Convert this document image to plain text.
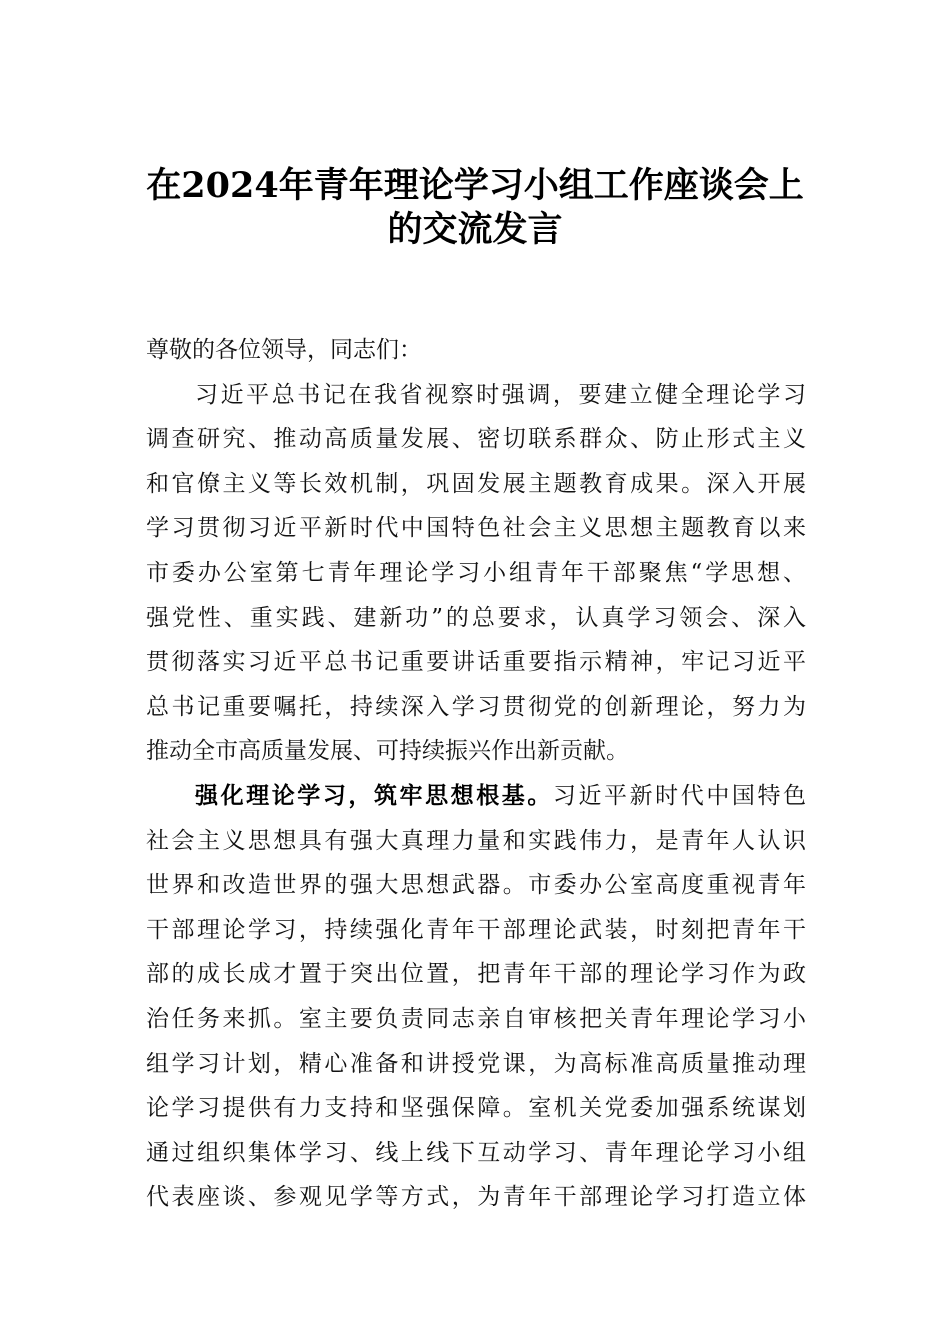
在2024年青年理论学习小组工作座谈会上
的交流发言
尊敬的各位领导，同志们：
习近平总书记在我省视察时强调，要建立健全理论学习
调查研究、推动高质量发展、密切联系群众、防止形式主义
和官僚主义等长效机制，巩固发展主题教育成果。深入开展
学习贯彻习近平新时代中国特色社会主义思想主题教育以来
市委办公室第七青年理论学习小组青年干部聚焦“学思想、
强党性、重实践、建新功”的总要求，认真学习领会、深入
贯彻落实习近平总书记重要讲话重要指示精神，牢记习近平
总书记重要嘱托，持续深入学习贯彻党的创新理论，努力为
推动全市高质量发展、可持续振兴作出新贡献。
强化理论学习，筑牢思想根基。习近平新时代中国特色
社会主义思想具有强大真理力量和实践伟力，是青年人认识
世界和改造世界的强大思想武器。市委办公室高度重视青年
干部理论学习，持续强化青年干部理论武装，时刻把青年干
部的成长成才置于突出位置，把青年干部的理论学习作为政
治任务来抓。室主要负责同志亲自审核把关青年理论学习小
组学习计划，精心准备和讲授党课，为高标准高质量推动理
论学习提供有力支持和坚强保障。室机关党委加强系统谋划
通过组织集体学习、线上线下互动学习、青年理论学习小组
代表座谈、参观见学等方式，为青年干部理论学习打造立体
